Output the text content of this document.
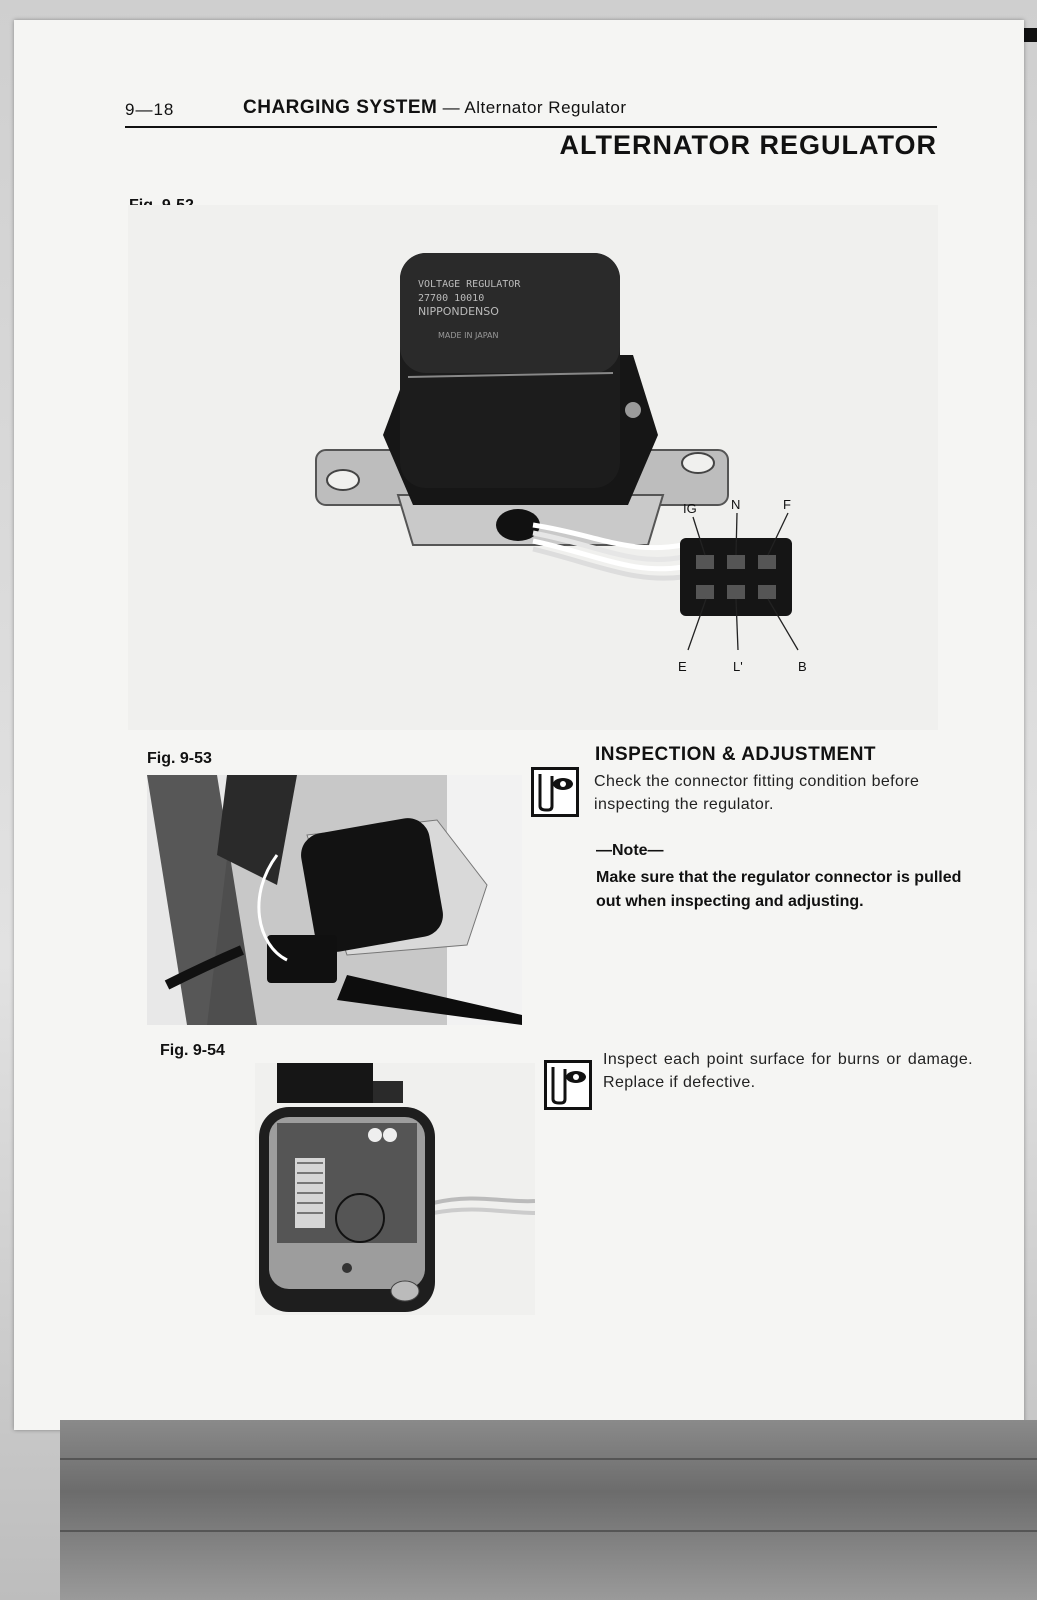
9—18	CHARGING SYSTEM — Alternator Regulator
ALTERNATOR REGULATOR
VOLTAGE REGULATOR
27700 10010
NIPPONDENSO
MADE IN JAPAN
IG	N	F
E	L'	B
Fig. 9-53	INSPECTION & ADJUSTMENT
Check the connector fitting condition before inspecting the regulator.
—Note—
Make sure that the regulator connector is pulled out when inspecting and adjusting.
Fig. 9-54
Inspect each point surface for burns or damage. Replace if defective.
